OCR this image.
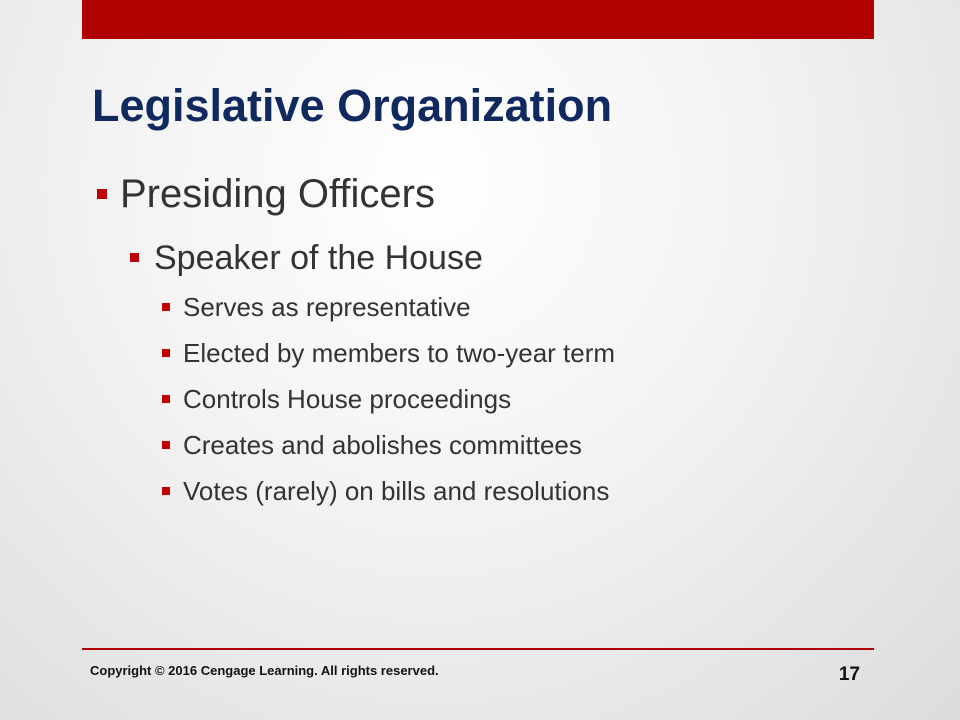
Legislative Organization
Presiding Officers
Speaker of the House
Serves as representative
Elected by members to two-year term
Controls House proceedings
Creates and abolishes committees
Votes (rarely) on bills and resolutions
Copyright © 2016 Cengage Learning. All rights reserved.	17
